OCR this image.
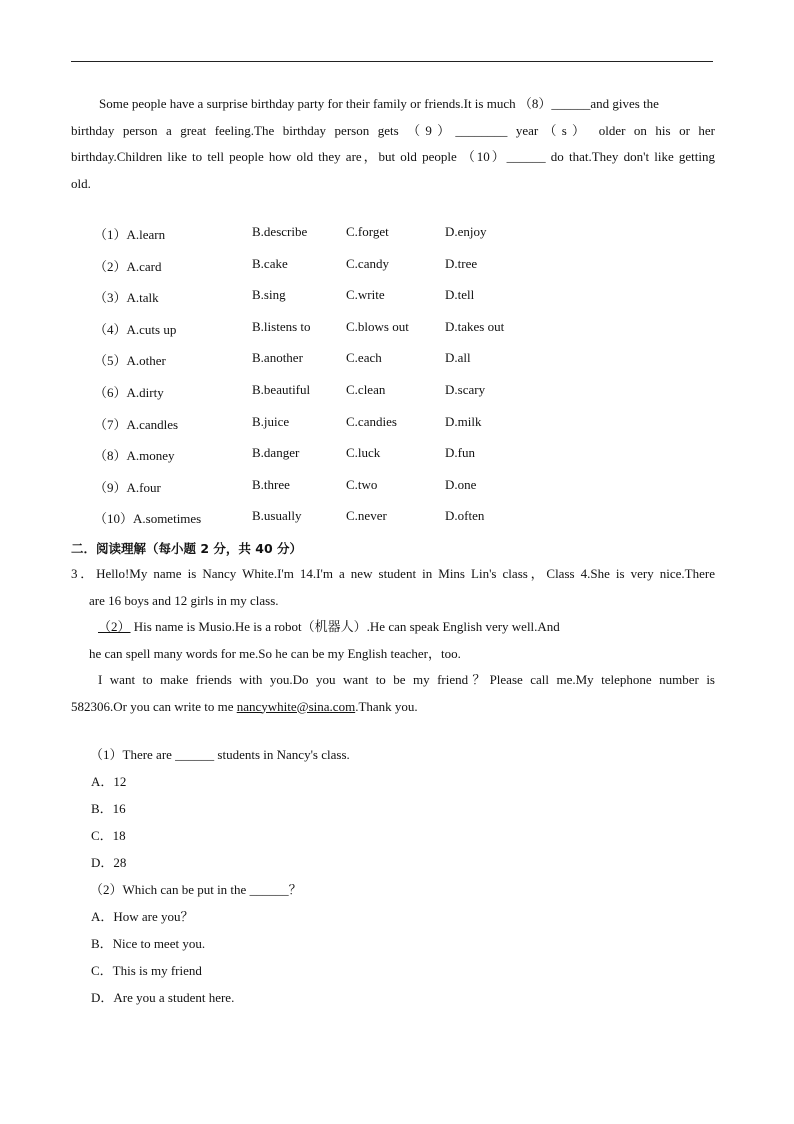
Some people have a surprise birthday party for their family or friends.It is much （8）______and gives the
birthday person a great feeling.The birthday person gets （9）________ year（s） older on his or her
birthday.Children like to tell people how old they are，but old people （10）______ do that.They don't like getting
old.
（1）A.learn	B.describe	C.forget	D.enjoy
（2）A.card	B.cake	C.candy	D.tree
（3）A.talk	B.sing	C.write	D.tell
（4）A.cuts up	B.listens to	C.blows out	D.takes out
（5）A.other	B.another	C.each	D.all
（6）A.dirty	B.beautiful	C.clean	D.scary
（7）A.candles	B.juice	C.candies	D.milk
（8）A.money	B.danger	C.luck	D.fun
（9）A.four	B.three	C.two	D.one
（10）A.sometimes	B.usually	C.never	D.often
二．阅读理解（每小题 2 分，共 40 分）

3．Hello!My name is Nancy White.I'm 14.I'm a new student in Mins Lin's class，Class 4.She is very nice.There

are 16 boys and 12 girls in my class.

（2） His name is Musio.He is a robot（机器人）.He can speak English very well.And

he can spell many words for me.So he can be my English teacher，too.

I want to make friends with you.Do you want to be my friend？Please call me.My telephone number is

582306.Or you can write to me nancywhite@sina.com.Thank you.

（1）There are ______ students in Nancy's class.

A．12

B．16

C．18

D．28

（2）Which can be put in the ______？

A．How are you？

B．Nice to meet you.

C．This is my friend

D．Are you a student here.
